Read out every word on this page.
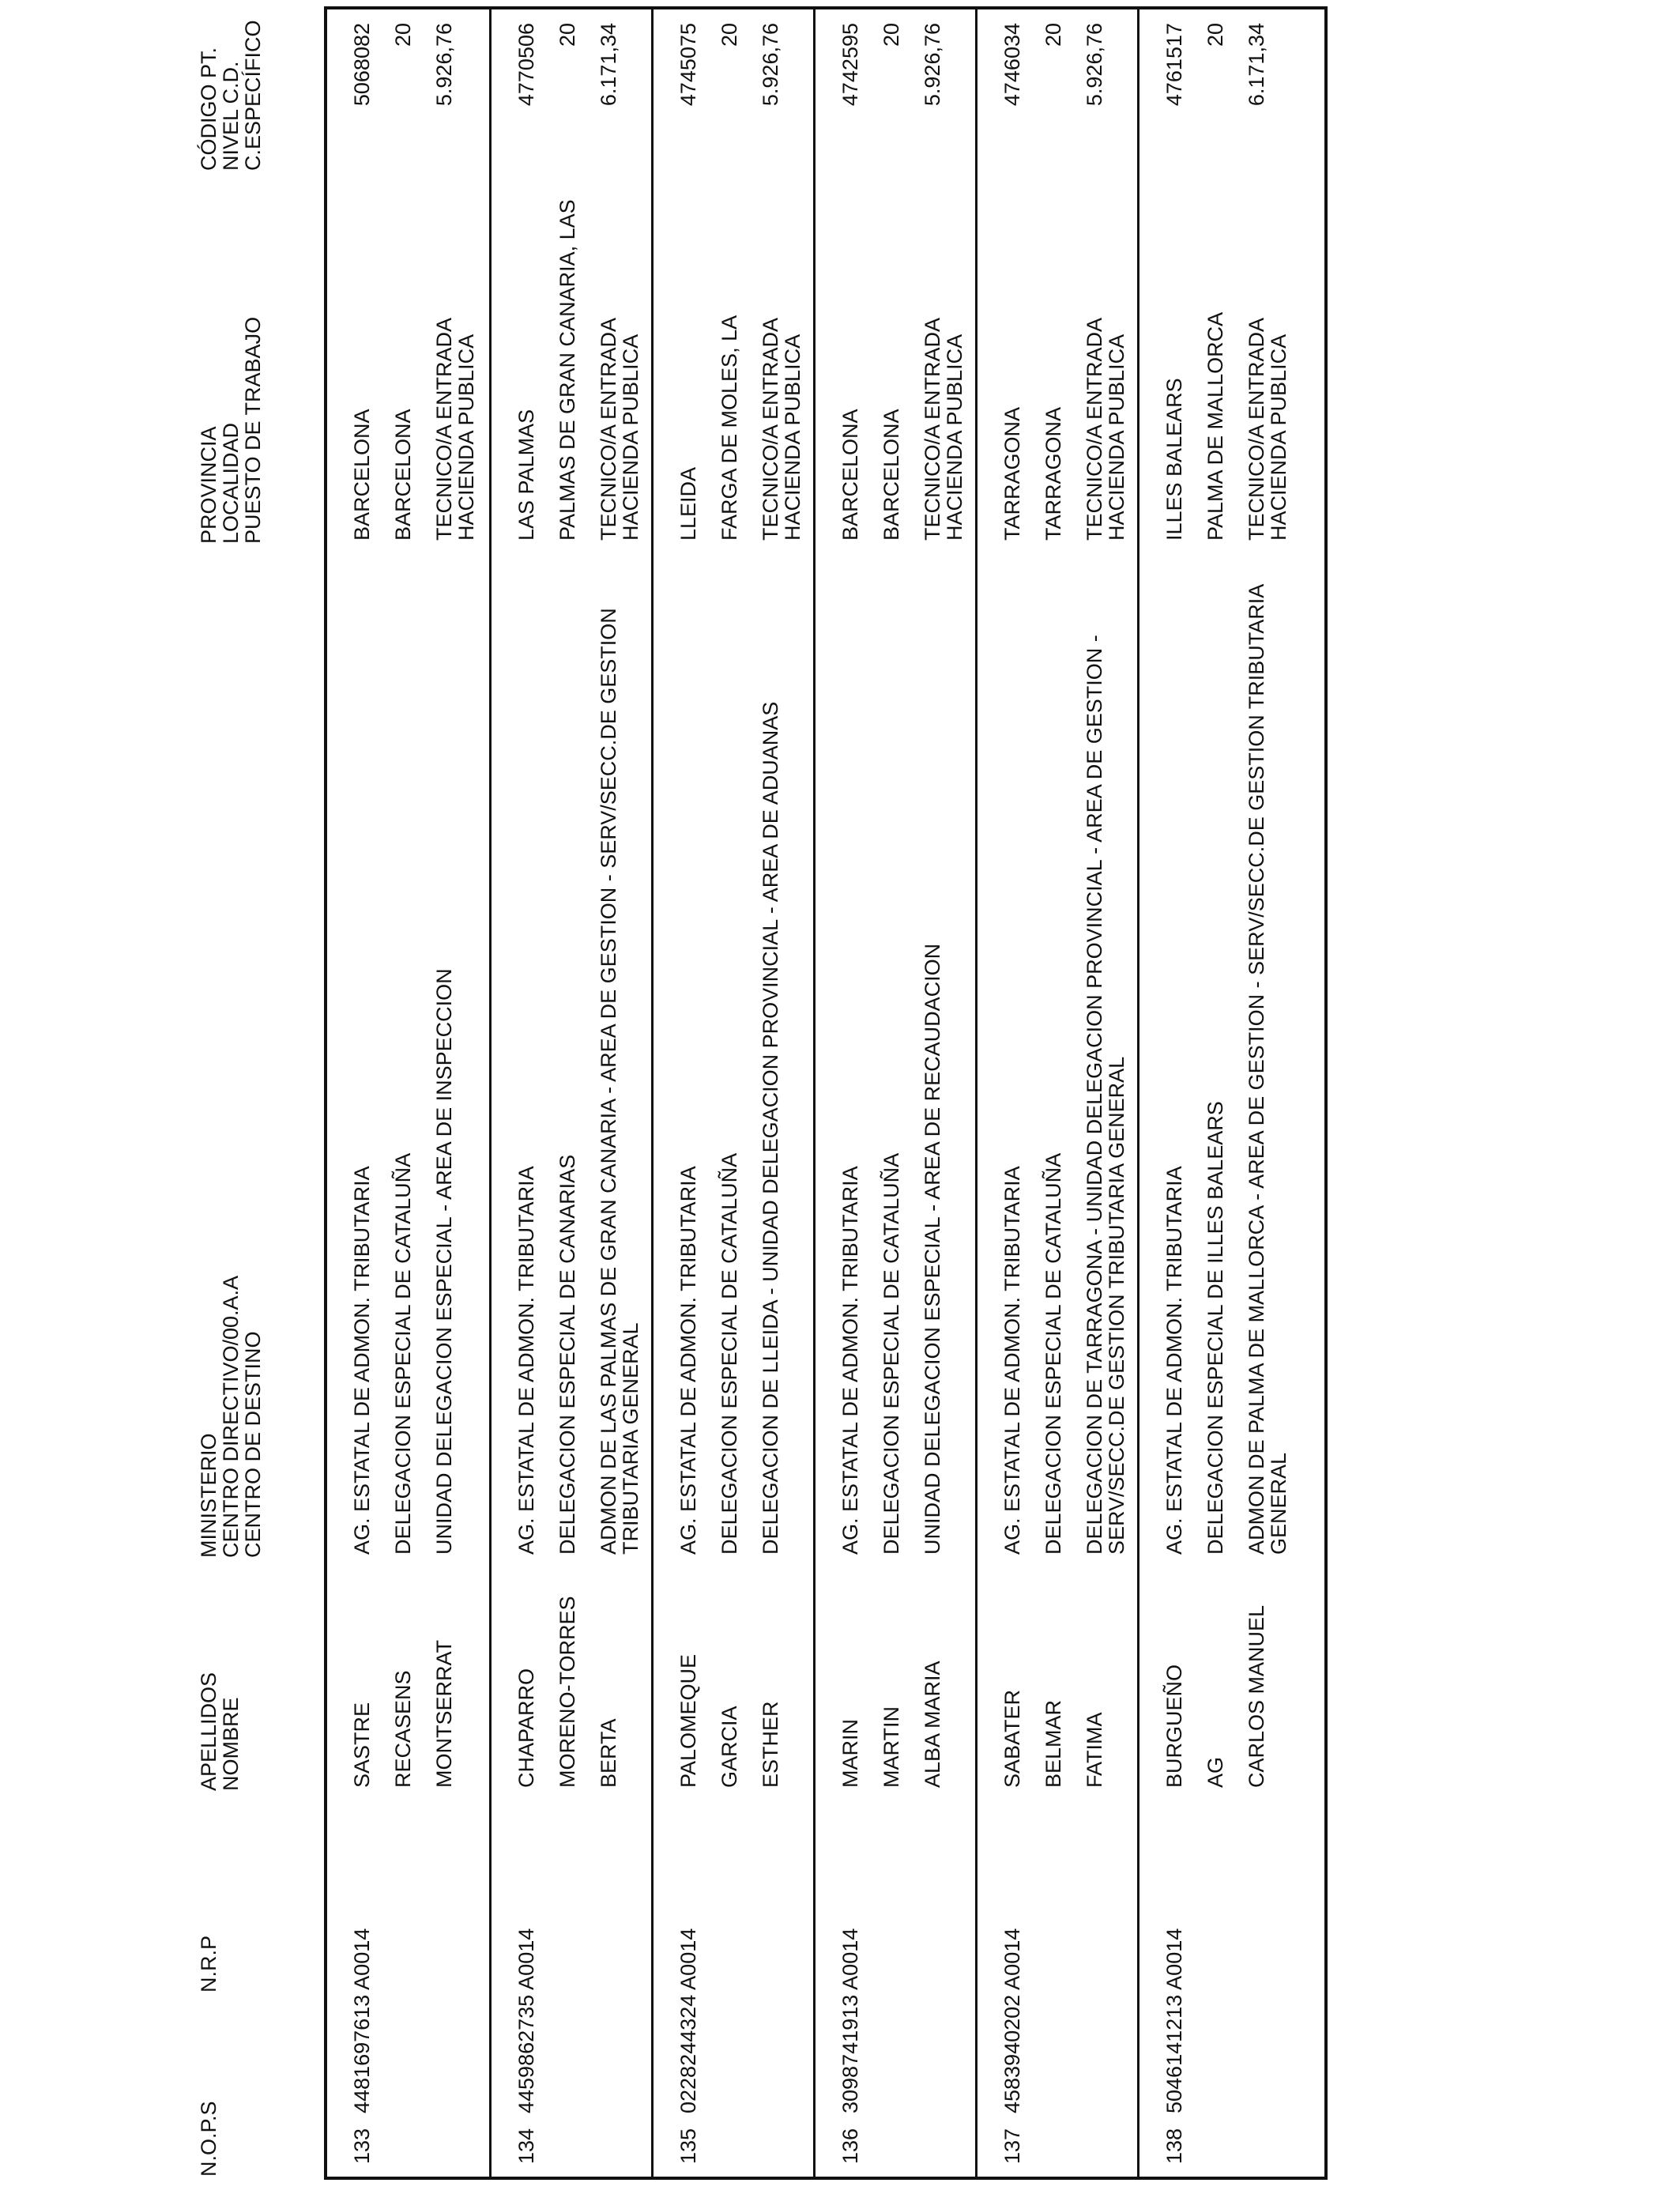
N.O.P.S
N.R.P
APELLIDOS
NOMBRE
MINISTERIO
CENTRO DIRECTIVO/00.A.A
CENTRO DE DESTINO
PROVINCIA
LOCALIDAD
PUESTO DE TRABAJO
CÓDIGO PT.
NIVEL C.D.
C.ESPECÍFICO
133
4481697613 A0014
SASTRE RECASENS MONTSERRAT
AG. ESTATAL DE ADMON. TRIBUTARIA DELEGACION ESPECIAL DE CATALUÑA UNIDAD DELEGACION ESPECIAL - AREA DE INSPECCION
BARCELONA BARCELONA TECNICO/A ENTRADA HACIENDA PUBLICA
5068082 20 5.926,76
134
4459862735 A0014
CHAPARRO MORENO-TORRES BERTA
AG. ESTATAL DE ADMON. TRIBUTARIA DELEGACION ESPECIAL DE CANARIAS ADMON DE LAS PALMAS DE GRAN CANARIA - AREA DE GESTION - SERV/SECC.DE GESTION TRIBUTARIA GENERAL
LAS PALMAS PALMAS DE GRAN CANARIA, LAS TECNICO/A ENTRADA HACIENDA PUBLICA
4770506 20 6.171,34
135
0228244324 A0014
PALOMEQUE GARCIA ESTHER
AG. ESTATAL DE ADMON. TRIBUTARIA DELEGACION ESPECIAL DE CATALUÑA DELEGACION DE LLEIDA - UNIDAD DELEGACION PROVINCIAL - AREA DE ADUANAS
LLEIDA FARGA DE MOLES, LA TECNICO/A ENTRADA HACIENDA PUBLICA
4745075 20 5.926,76
136
3098741913 A0014
MARIN MARTIN ALBA MARIA
AG. ESTATAL DE ADMON. TRIBUTARIA DELEGACION ESPECIAL DE CATALUÑA UNIDAD DELEGACION ESPECIAL - AREA DE RECAUDACION
BARCELONA BARCELONA TECNICO/A ENTRADA HACIENDA PUBLICA
4742595 20 5.926,76
137
4583940202 A0014
SABATER BELMAR FATIMA
AG. ESTATAL DE ADMON. TRIBUTARIA DELEGACION ESPECIAL DE CATALUÑA DELEGACION DE TARRAGONA - UNIDAD DELEGACION PROVINCIAL - AREA DE GESTION - SERV/SECC.DE GESTION TRIBUTARIA GENERAL
TARRAGONA TARRAGONA TECNICO/A ENTRADA HACIENDA PUBLICA
4746034 20 5.926,76
138
5046141213 A0014
BURGUEÑO AG CARLOS MANUEL
AG. ESTATAL DE ADMON. TRIBUTARIA DELEGACION ESPECIAL DE ILLES BALEARS ADMON DE PALMA DE MALLORCA - AREA DE GESTION - SERV/SECC.DE GESTION TRIBUTARIA GENERAL
ILLES BALEARS PALMA DE MALLORCA TECNICO/A ENTRADA HACIENDA PUBLICA
4761517 20 6.171,34
